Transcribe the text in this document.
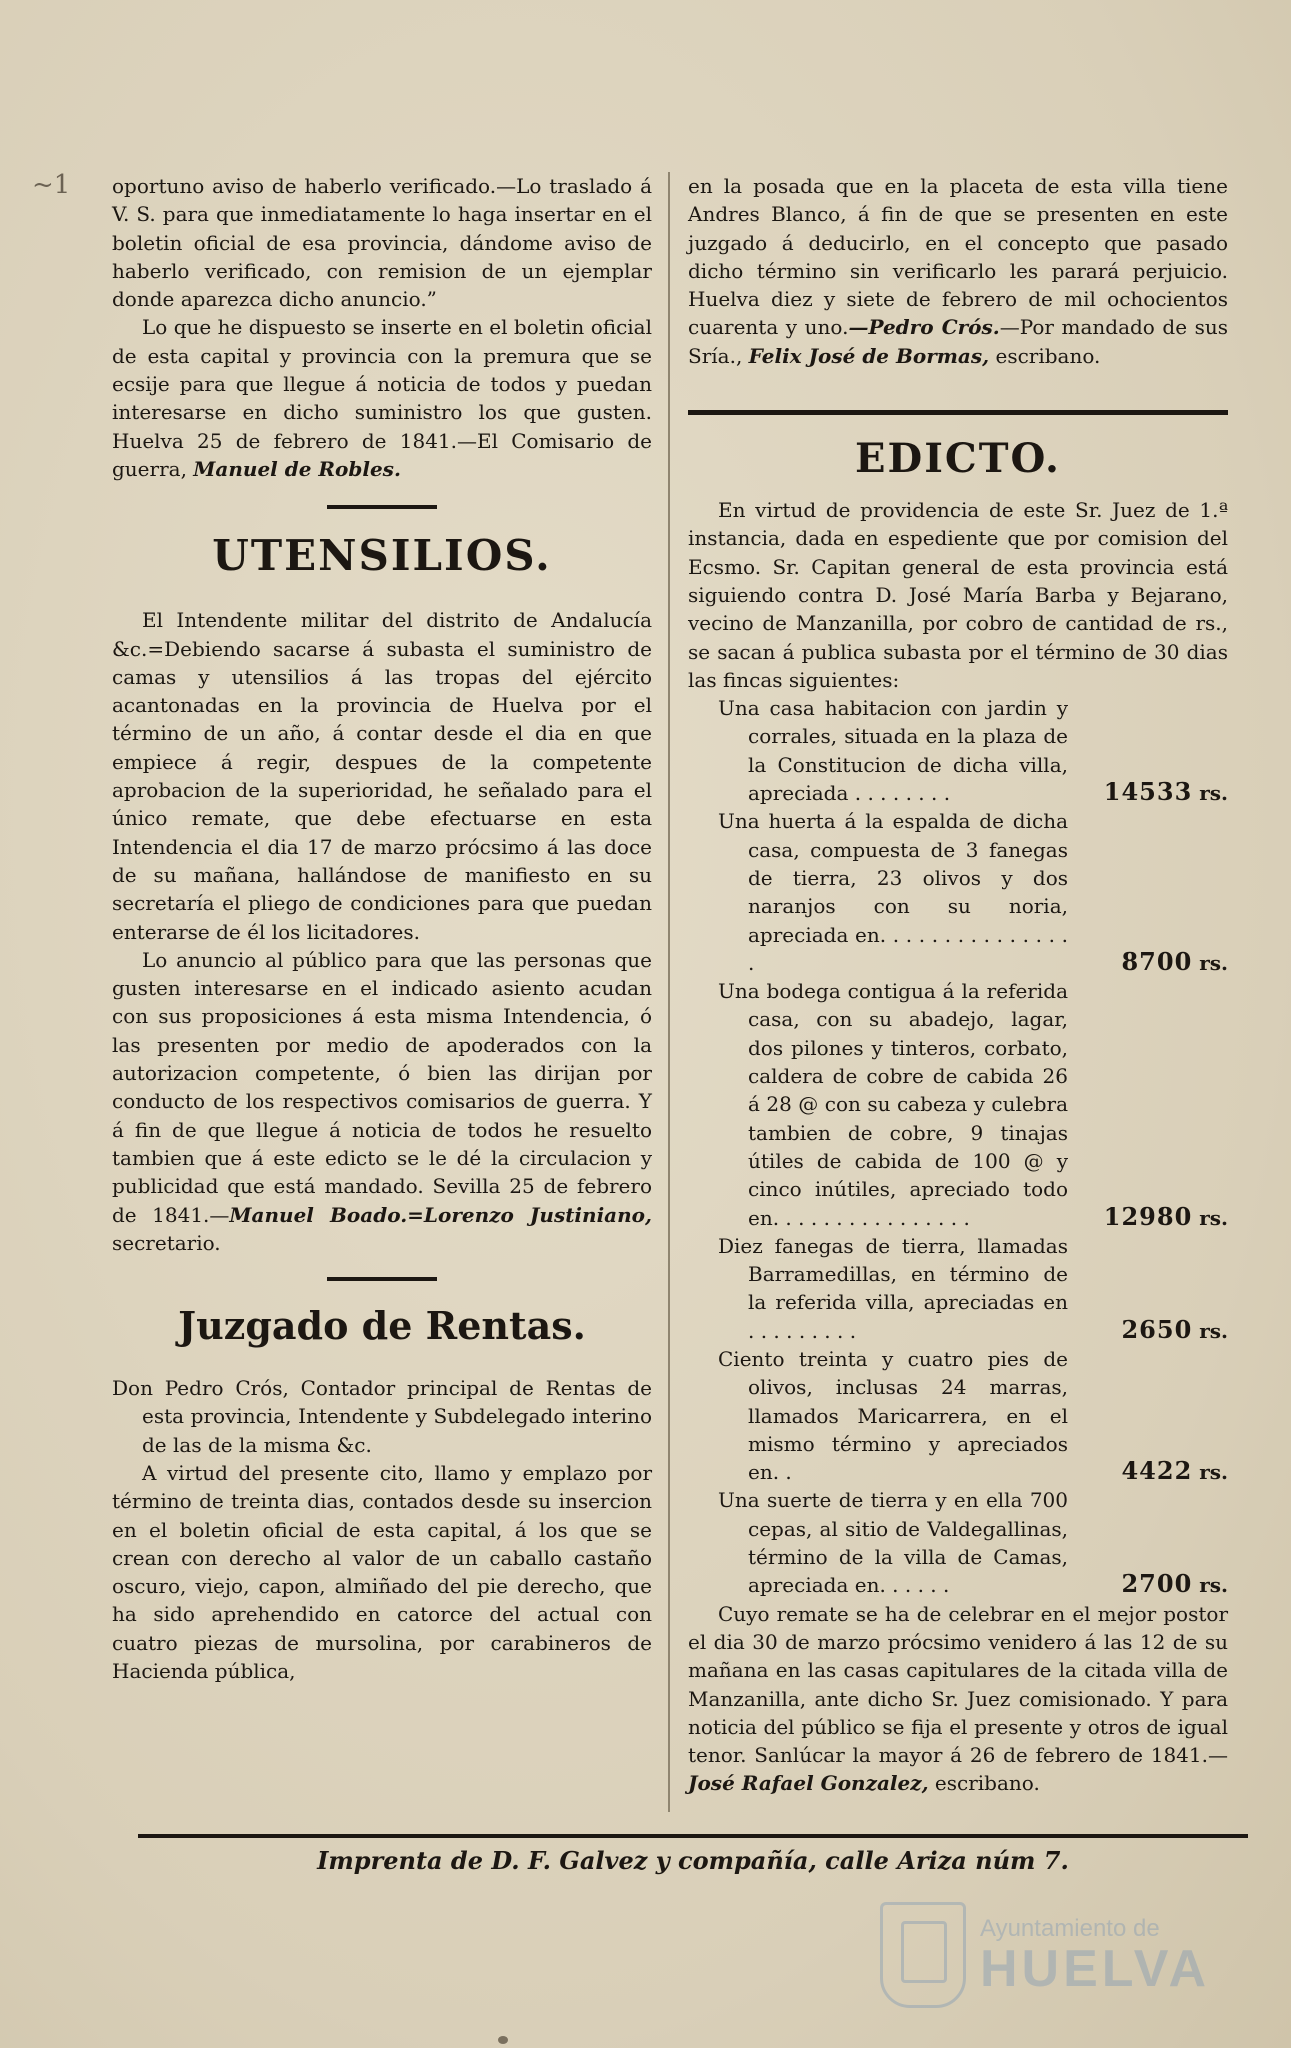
~1 oportuno aviso de haberlo verificado.—Lo traslado á V. S. para que inmediatamente lo haga insertar en el boletin oficial de esa provincia, dándome aviso de haberlo verificado, con remision de un ejemplar donde aparezca dicho anuncio.”

Lo que he dispuesto se inserte en el boletin oficial de esta capital y provincia con la premura que se ecsije para que llegue á noticia de todos y puedan interesarse en dicho suministro los que gusten. Huelva 25 de febrero de 1841.—El Comisario de guerra, Manuel de Robles.

UTENSILIOS.

El Intendente militar del distrito de Andalucía &c.=Debiendo sacarse á subasta el suministro de camas y utensilios á las tropas del ejército acantonadas en la provincia de Huelva por el término de un año, á contar desde el dia en que empiece á regir, despues de la competente aprobacion de la superioridad, he señalado para el único remate, que debe efectuarse en esta Intendencia el dia 17 de marzo prócsimo á las doce de su mañana, hallándose de manifiesto en su secretaría el pliego de condiciones para que puedan enterarse de él los licitadores.

Lo anuncio al público para que las personas que gusten interesarse en el indicado asiento acudan con sus proposiciones á esta misma Intendencia, ó las presenten por medio de apoderados con la autorizacion competente, ó bien las dirijan por conducto de los respectivos comisarios de guerra. Y á fin de que llegue á noticia de todos he resuelto tambien que á este edicto se le dé la circulacion y publicidad que está mandado. Sevilla 25 de febrero de 1841.—Manuel Boado.=Lorenzo Justiniano, secretario.

Juzgado de Rentas.

Don Pedro Crós, Contador principal de Rentas de esta provincia, Intendente y Subdelegado interino de las de la misma &c.

A virtud del presente cito, llamo y emplazo por término de treinta dias, contados desde su insercion en el boletin oficial de esta capital, á los que se crean con derecho al valor de un caballo castaño oscuro, viejo, capon, almiñado del pie derecho, que ha sido aprehendido en catorce del actual con cuatro piezas de mursolina, por carabineros de Hacienda pública,

en la posada que en la placeta de esta villa tiene Andres Blanco, á fin de que se presenten en este juzgado á deducirlo, en el concepto que pasado dicho término sin verificarlo les parará perjuicio. Huelva diez y siete de febrero de mil ochocientos cuarenta y uno.—Pedro Crós.—Por mandado de sus Sría., Felix José de Bormas, escribano.

EDICTO.

En virtud de providencia de este Sr. Juez de 1.ª instancia, dada en espediente que por comision del Ecsmo. Sr. Capitan general de esta provincia está siguiendo contra D. José María Barba y Bejarano, vecino de Manzanilla, por cobro de cantidad de rs., se sacan á publica subasta por el término de 30 dias las fincas siguientes:

Una casa habitacion con jardin y corrales, situada en la plaza de la Constitucion de dicha villa, apreciada . . . . . . . .	14533 rs.
Una huerta á la espalda de dicha casa, compuesta de 3 fanegas de tierra, 23 olivos y dos naranjos con su noria, apreciada en. . . . . . . . . . . . . . . .	8700 rs.
Una bodega contigua á la referida casa, con su abadejo, lagar, dos pilones y tinteros, corbato, caldera de cobre de cabida 26 á 28 @ con su cabeza y culebra tambien de cobre, 9 tinajas útiles de cabida de 100 @ y cinco inútiles, apreciado todo en. . . . . . . . . . . . . . . .	12980 rs.
Diez fanegas de tierra, llamadas Barramedillas, en término de la referida villa, apreciadas en . . . . . . . . .	2650 rs.
Ciento treinta y cuatro pies de olivos, inclusas 24 marras, llamados Maricarrera, en el mismo término y apreciados en. .	4422 rs.
Una suerte de tierra y en ella 700 cepas, al sitio de Valdegallinas, término de la villa de Camas, apreciada en. . . . . .	2700 rs.

Cuyo remate se ha de celebrar en el mejor postor el dia 30 de marzo prócsimo venidero á las 12 de su mañana en las casas capitulares de la citada villa de Manzanilla, ante dicho Sr. Juez comisionado. Y para noticia del público se fija el presente y otros de igual tenor. Sanlúcar la mayor á 26 de febrero de 1841.—José Rafael Gonzalez, escribano.

Imprenta de D. F. Galvez y compañía, calle Ariza núm 7.
Ayuntamiento de
HUELVA
